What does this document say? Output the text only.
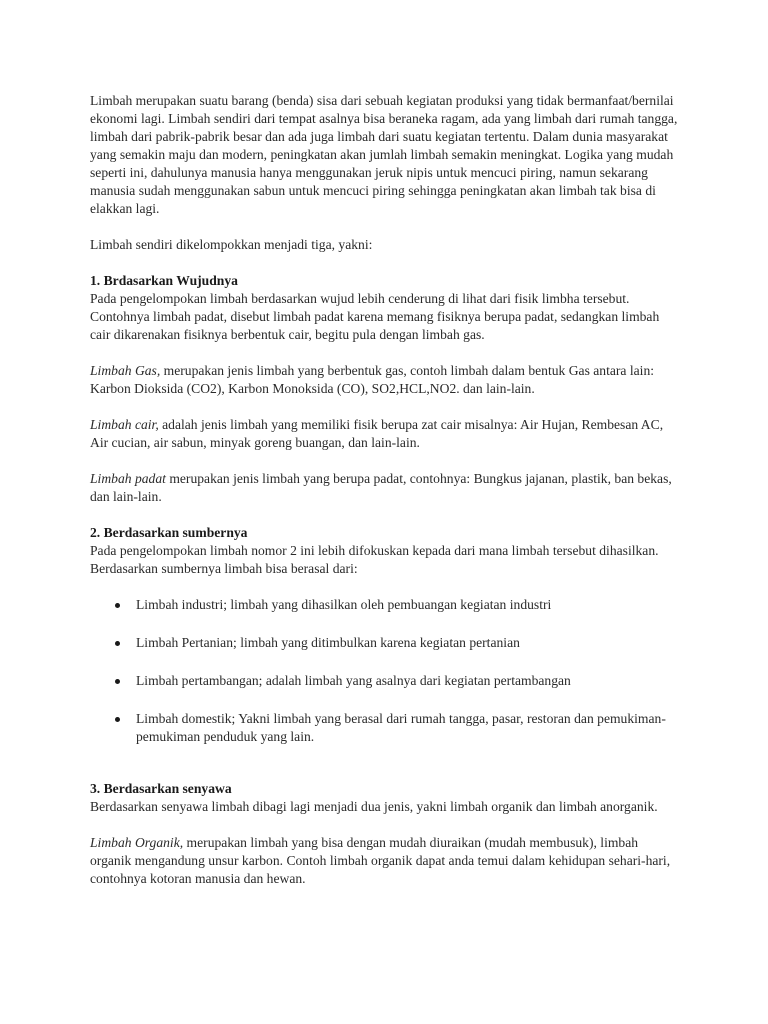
Limbah merupakan suatu barang (benda) sisa dari sebuah kegiatan produksi yang tidak bermanfaat/bernilai ekonomi lagi. Limbah sendiri dari tempat asalnya bisa beraneka ragam, ada yang limbah dari rumah tangga, limbah dari pabrik-pabrik besar dan ada juga limbah dari suatu kegiatan tertentu. Dalam dunia masyarakat yang semakin maju dan modern, peningkatan akan jumlah limbah semakin meningkat. Logika yang mudah seperti ini, dahulunya manusia hanya menggunakan jeruk nipis untuk mencuci piring, namun sekarang manusia sudah menggunakan sabun untuk mencuci piring sehingga peningkatan akan limbah tak bisa di elakkan lagi.

Limbah sendiri dikelompokkan menjadi tiga, yakni:

1. Brdasarkan Wujudnya

Pada pengelompokan limbah berdasarkan wujud lebih cenderung di lihat dari fisik limbha tersebut. Contohnya limbah padat, disebut limbah padat karena memang fisiknya berupa padat, sedangkan limbah cair dikarenakan fisiknya berbentuk cair, begitu pula dengan limbah gas.

Limbah Gas, merupakan jenis limbah yang berbentuk gas, contoh limbah dalam bentuk Gas antara lain: Karbon Dioksida (CO2), Karbon Monoksida (CO), SO2,HCL,NO2. dan lain-lain.

Limbah cair, adalah jenis limbah yang memiliki fisik berupa zat cair misalnya: Air Hujan, Rembesan AC, Air cucian, air sabun, minyak goreng buangan, dan lain-lain.

Limbah padat merupakan jenis limbah yang berupa padat, contohnya: Bungkus jajanan, plastik, ban bekas, dan lain-lain.

2. Berdasarkan sumbernya

Pada pengelompokan limbah nomor 2 ini lebih difokuskan kepada dari mana limbah tersebut dihasilkan. Berdasarkan sumbernya limbah bisa berasal dari:

Limbah industri; limbah yang dihasilkan oleh pembuangan kegiatan industri
Limbah Pertanian; limbah yang ditimbulkan karena kegiatan pertanian
Limbah pertambangan; adalah limbah yang asalnya dari kegiatan pertambangan
Limbah domestik; Yakni limbah yang berasal dari rumah tangga, pasar, restoran dan pemukiman-pemukiman penduduk yang lain.

3. Berdasarkan senyawa

Berdasarkan senyawa limbah dibagi lagi menjadi dua jenis, yakni limbah organik dan limbah anorganik.

Limbah Organik, merupakan limbah yang bisa dengan mudah diuraikan (mudah membusuk), limbah organik mengandung unsur karbon. Contoh limbah organik dapat anda temui dalam kehidupan sehari-hari, contohnya kotoran manusia dan hewan.
